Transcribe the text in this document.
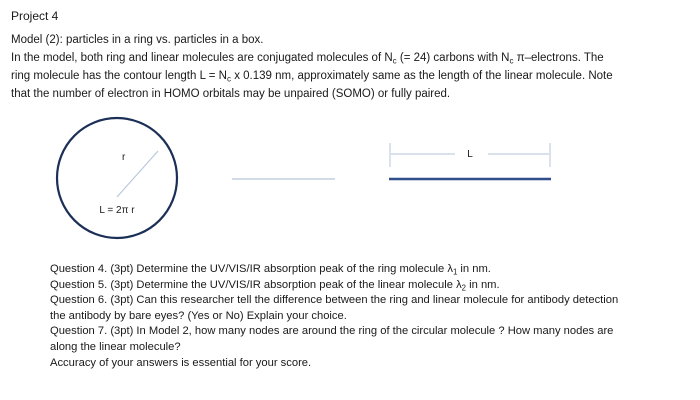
Project 4

Model (2): particles in a ring vs. particles in a box.

In the model, both ring and linear molecules are conjugated molecules of $N_c$ (= 24) carbons with $N_c$ π–electrons. The

ring molecule has the contour length $L = N_c$ x 0.139 nm, approximately same as the length of the linear molecule. Note

that the number of electron in HOMO orbitals may be unpaired (SOMO) or fully paired.

r
L = 2π r
L

Question 4. (3pt) Determine the UV/VIS/IR absorption peak of the ring molecule $\lambda_1$ in nm.

Question 5. (3pt) Determine the UV/VIS/IR absorption peak of the linear molecule $\lambda_2$ in nm.

Question 6. (3pt) Can this researcher tell the difference between the ring and linear molecule for antibody detection

the antibody by bare eyes? (Yes or No) Explain your choice.

Question 7. (3pt) In Model 2, how many nodes are around the ring of the circular molecule ? How many nodes are

along the linear molecule?

Accuracy of your answers is essential for your score.
